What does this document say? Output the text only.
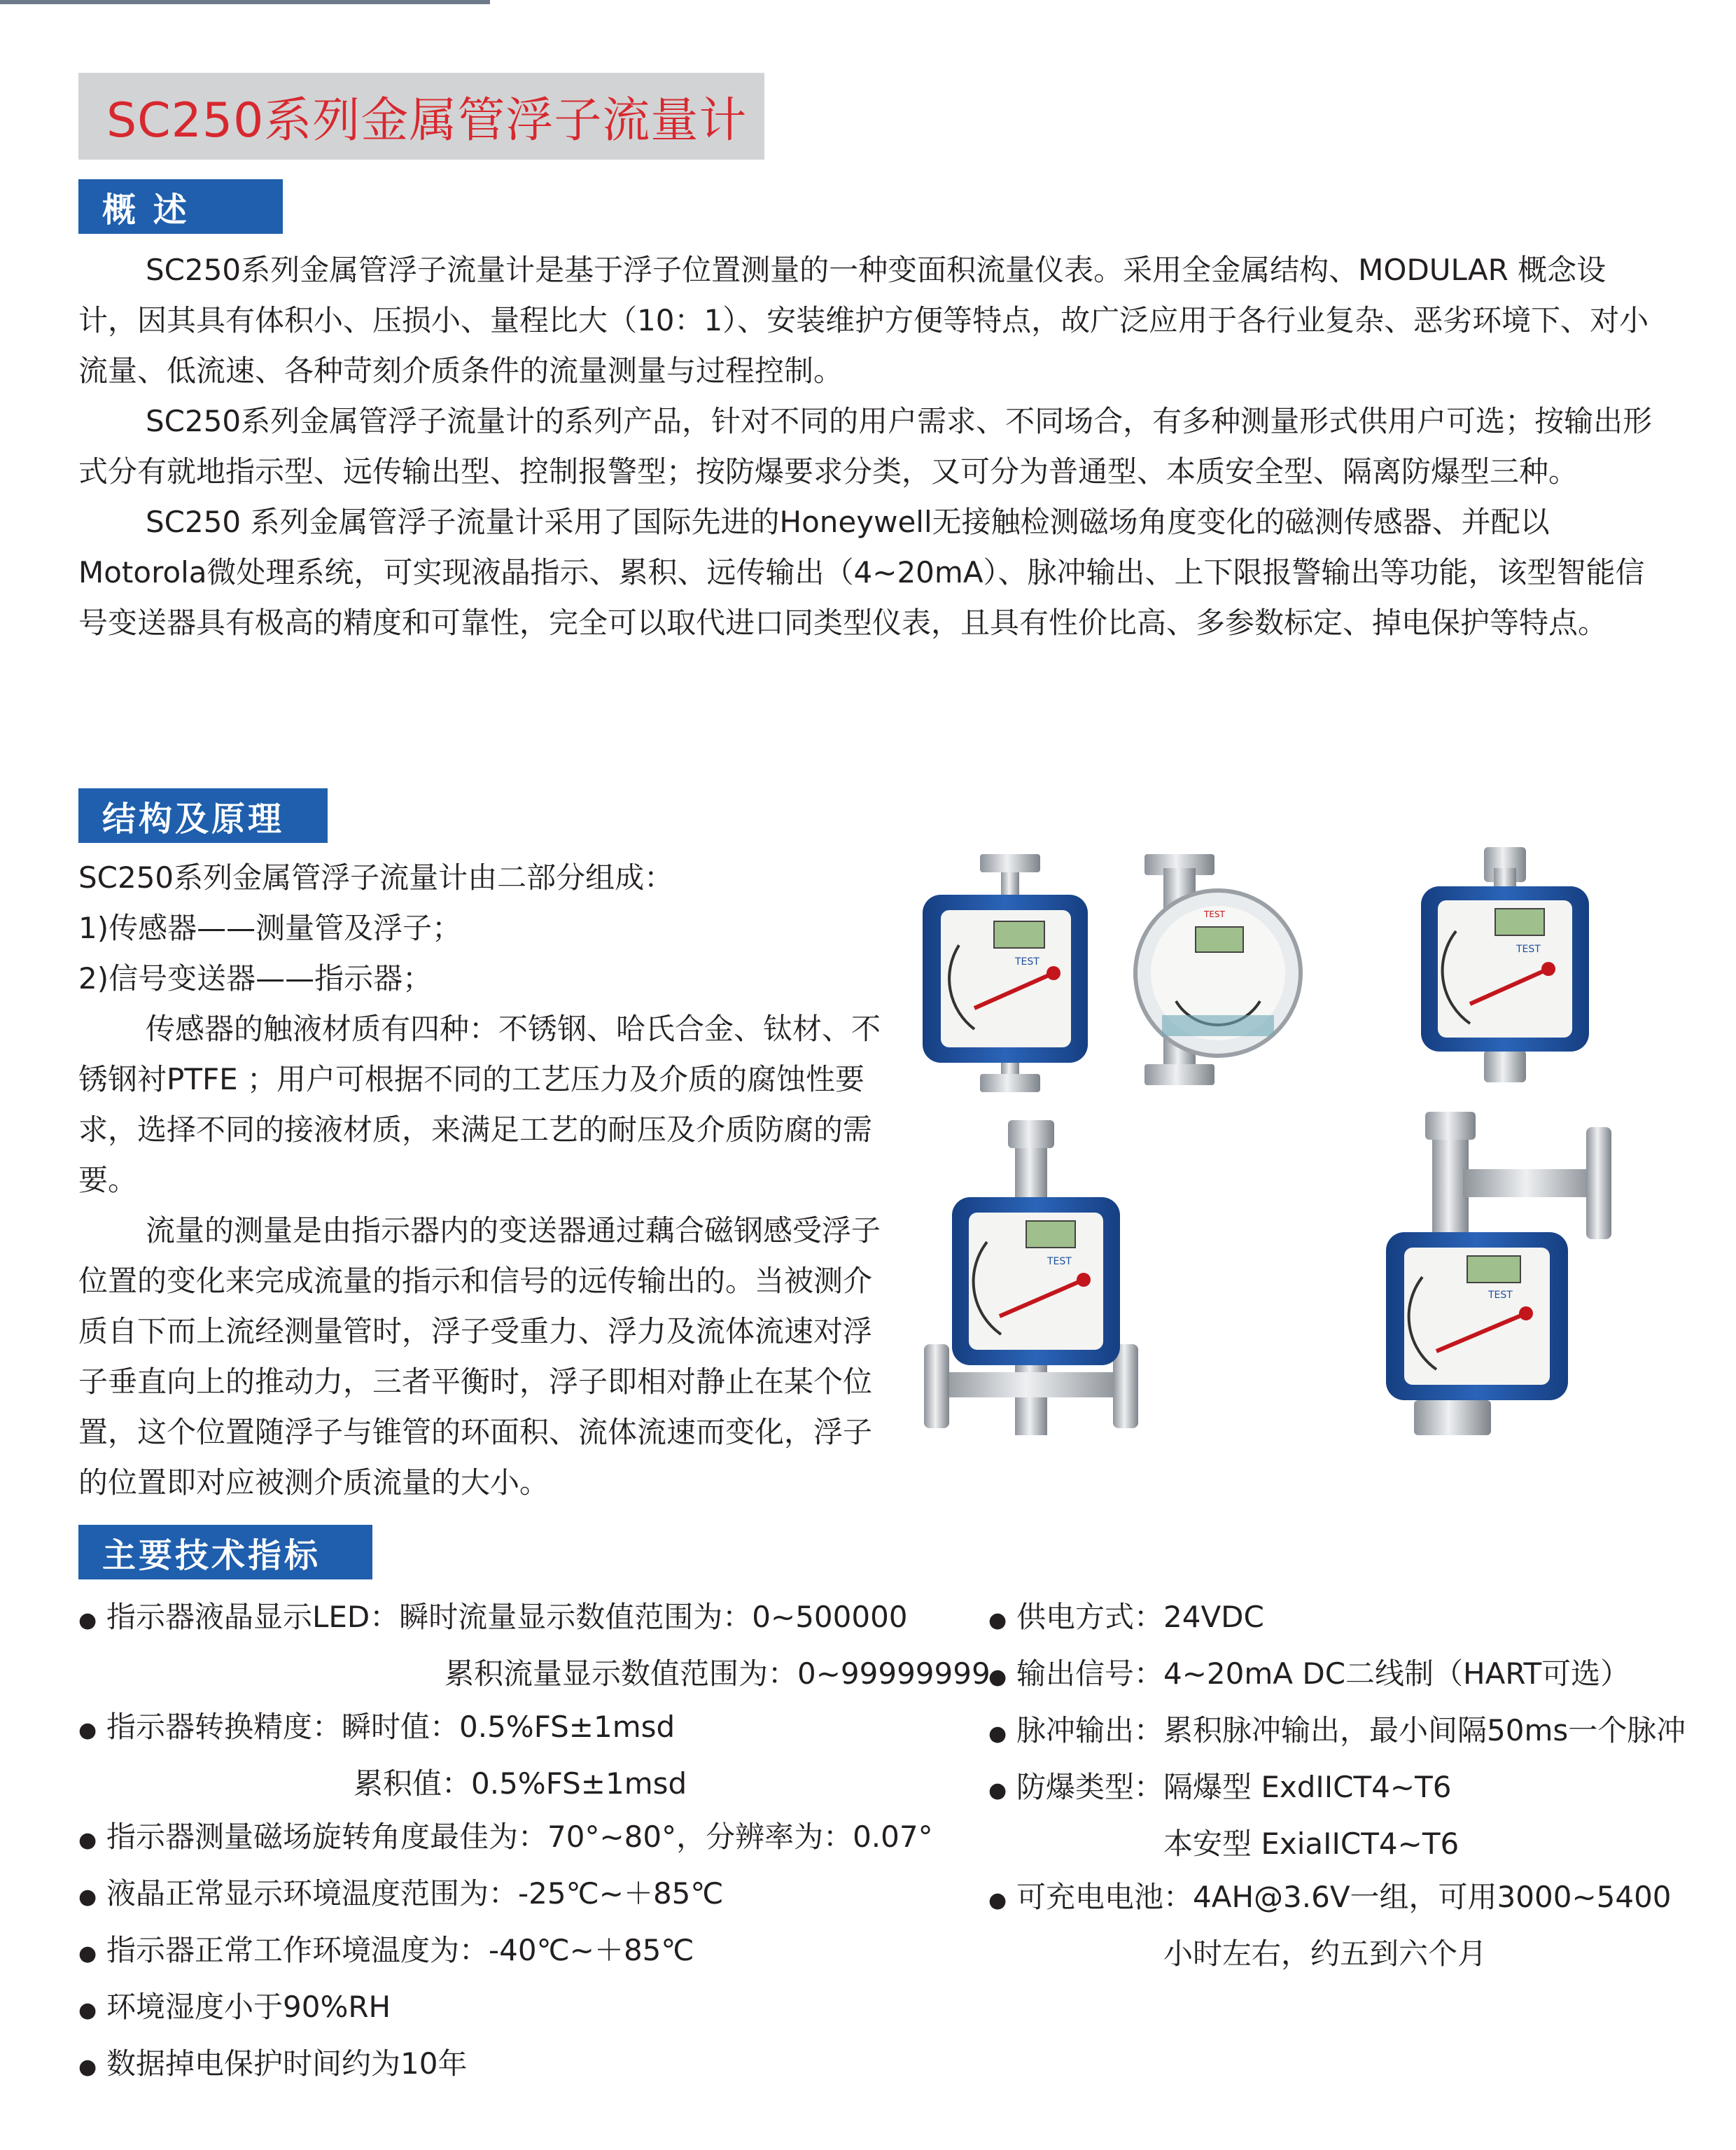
SC250系列金属管浮子流量计
概 述

SC250系列金属管浮子流量计是基于浮子位置测量的一种变面积流量仪表。采用全金属结构、MODULAR 概念设计，因其具有体积小、压损小、量程比大（10：1）、安装维护方便等特点，故广泛应用于各行业复杂、恶劣环境下、对小流量、低流速、各种苛刻介质条件的流量测量与过程控制。

SC250系列金属管浮子流量计的系列产品，针对不同的用户需求、不同场合，有多种测量形式供用户可选；按输出形式分有就地指示型、远传输出型、控制报警型；按防爆要求分类，又可分为普通型、本质安全型、隔离防爆型三种。

SC250 系列金属管浮子流量计采用了国际先进的Honeywell无接触检测磁场角度变化的磁测传感器、并配以Motorola微处理系统，可实现液晶指示、累积、远传输出（4~20mA）、脉冲输出、上下限报警输出等功能，该型智能信号变送器具有极高的精度和可靠性，完全可以取代进口同类型仪表，且具有性价比高、多参数标定、掉电保护等特点。

结构及原理

SC250系列金属管浮子流量计由二部分组成：

1)传感器——测量管及浮子；

2)信号变送器——指示器；

传感器的触液材质有四种：不锈钢、哈氏合金、钛材、不锈钢衬PTFE ；用户可根据不同的工艺压力及介质的腐蚀性要求，选择不同的接液材质，来满足工艺的耐压及介质防腐的需要。

流量的测量是由指示器内的变送器通过藕合磁钢感受浮子位置的变化来完成流量的指示和信号的远传输出的。当被测介质自下而上流经测量管时，浮子受重力、浮力及流体流速对浮子垂直向上的推动力，三者平衡时，浮子即相对静止在某个位置，这个位置随浮子与锥管的环面积、流体流速而变化，浮子的位置即对应被测介质流量的大小。

TEST
TEST
TEST
TEST
TEST
主要技术指标
● 指示器液晶显示LED：瞬时流量显示数值范围为：0~500000
累积流量显示数值范围为：0~99999999
● 指示器转换精度：瞬时值：0.5%FS±1msd
累积值：0.5%FS±1msd
● 指示器测量磁场旋转角度最佳为：70°~80°，分辨率为：0.07°
● 液晶正常显示环境温度范围为：-25℃~＋85℃
● 指示器正常工作环境温度为：-40℃~＋85℃
● 环境湿度小于90%RH
● 数据掉电保护时间约为10年
● 供电方式：24VDC
● 输出信号：4~20mA DC二线制（HART可选）
● 脉冲输出：累积脉冲输出，最小间隔50ms一个脉冲
● 防爆类型：隔爆型 ExdIICT4~T6
本安型 ExiaIICT4~T6
● 可充电电池：4AH@3.6V一组，可用3000~5400
小时左右，约五到六个月
